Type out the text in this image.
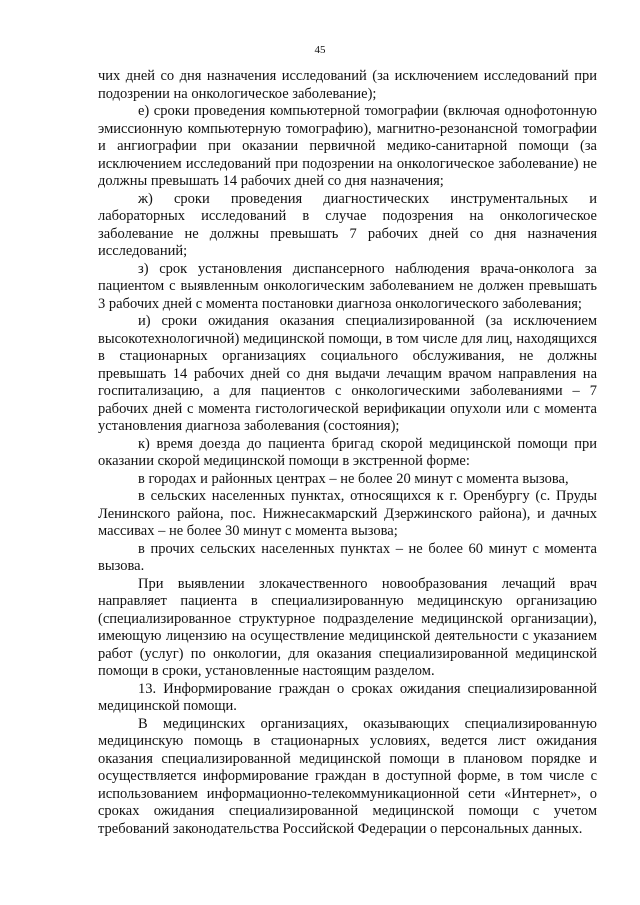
45

чих дней со дня назначения исследований (за исключением исследований при подозрении на онкологическое заболевание);

е) сроки проведения компьютерной томографии (включая однофотонную эмиссионную компьютерную томографию), магнитно-резонансной томографии и ангиографии при оказании первичной медико-санитарной помощи (за исключением исследований при подозрении на онкологическое заболевание) не должны превышать 14 рабочих дней со дня назначения;

ж) сроки проведения диагностических инструментальных и лабораторных исследований в случае подозрения на онкологическое заболевание не должны превышать 7 рабочих дней со дня назначения исследований;

з) срок установления диспансерного наблюдения врача-онколога за пациентом с выявленным онкологическим заболеванием не должен превышать 3 рабочих дней с момента постановки диагноза онкологического заболевания;

и) сроки ожидания оказания специализированной (за исключением высокотехнологичной) медицинской помощи, в том числе для лиц, находящихся в стационарных организациях социального обслуживания, не должны превышать 14 рабочих дней со дня выдачи лечащим врачом направления на госпитализацию, а для пациентов с онкологическими заболеваниями – 7 рабочих дней с момента гистологической верификации опухоли или с момента установления диагноза заболевания (состояния);

к) время доезда до пациента бригад скорой медицинской помощи при оказании скорой медицинской помощи в экстренной форме:

в городах и районных центрах – не более 20 минут с момента вызова,

в сельских населенных пунктах, относящихся к г. Оренбургу (с. Пруды Ленинского района, пос. Нижнесакмарский Дзержинского района), и дачных массивах – не более 30 минут с момента вызова;

в прочих сельских населенных пунктах – не более 60 минут с момента вызова.

При выявлении злокачественного новообразования лечащий врач направляет пациента в специализированную медицинскую организацию (специализированное структурное подразделение медицинской организации), имеющую лицензию на осуществление медицинской деятельности с указанием работ (услуг) по онкологии, для оказания специализированной медицинской помощи в сроки, установленные настоящим разделом.

13. Информирование граждан о сроках ожидания специализированной медицинской помощи.

В медицинских организациях, оказывающих специализированную медицинскую помощь в стационарных условиях, ведется лист ожидания оказания специализированной медицинской помощи в плановом порядке и осуществляется информирование граждан в доступной форме, в том числе с использованием информационно-телекоммуникационной сети «Интернет», о сроках ожидания специализированной медицинской помощи с учетом требований законодательства Российской Федерации о персональных данных.
